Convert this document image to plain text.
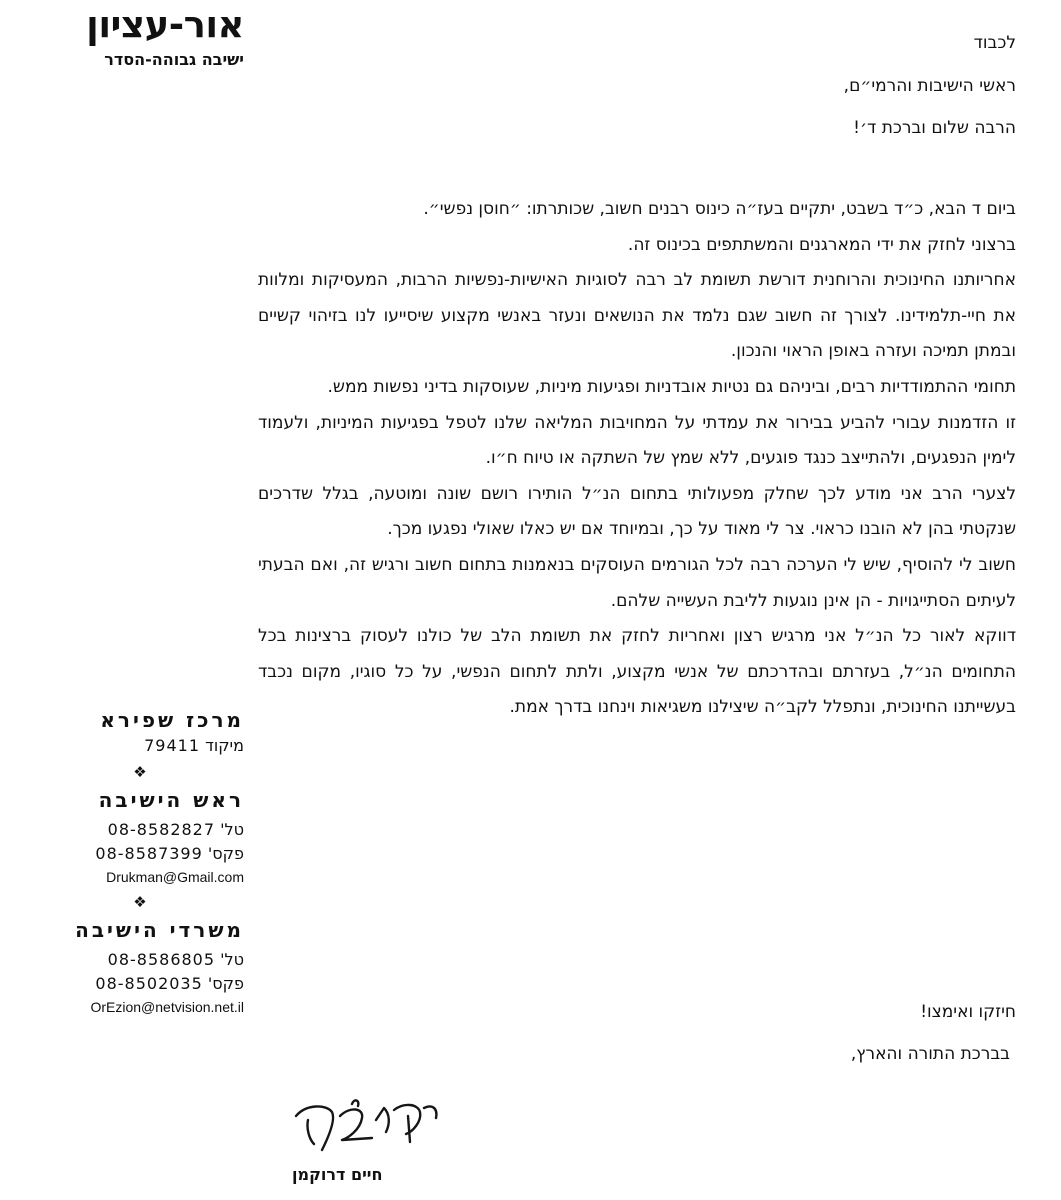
אור-עציון
ישיבה גבוהה-הסדר
מרכז שפירא
מיקוד 79411
❖
ראש הישיבה
טל' 08-8582827
פקס' 08-8587399
Drukman@Gmail.com
❖
משרדי הישיבה
טל' 08-8586805
פקס' 08-8502035
OrEzion@netvision.net.il
לכבוד
ראשי הישיבות והרמי״ם,
הרבה שלום וברכת ד׳!

ביום ד הבא, כ״ד בשבט, יתקיים בעז״ה כינוס רבנים חשוב, שכותרתו: ״חוסן נפשי״.

ברצוני לחזק את ידי המארגנים והמשתתפים בכינוס זה.

אחריותנו החינוכית והרוחנית דורשת תשומת לב רבה לסוגיות האישיות-נפשיות הרבות, המעסיקות ומלוות את חיי-תלמידינו. לצורך זה חשוב שגם נלמד את הנושאים ונעזר באנשי מקצוע שיסייעו לנו בזיהוי קשיים ובמתן תמיכה ועזרה באופן הראוי והנכון.

תחומי ההתמודדיות רבים, וביניהם גם נטיות אובדניות ופגיעות מיניות, שעוסקות בדיני נפשות ממש.

זו הזדמנות עבורי להביע בבירור את עמדתי על המחויבות המליאה שלנו לטפל בפגיעות המיניות, ולעמוד לימין הנפגעים, ולהתייצב כנגד פוגעים, ללא שמץ של השתקה או טיוח ח״ו.

לצערי הרב אני מודע לכך שחלק מפעולותי בתחום הנ״ל הותירו רושם שונה ומוטעה, בגלל שדרכים שנקטתי בהן לא הובנו כראוי. צר לי מאוד על כך, ובמיוחד אם יש כאלו שאולי נפגעו מכך.

חשוב לי להוסיף, שיש לי הערכה רבה לכל הגורמים העוסקים בנאמנות בתחום חשוב ורגיש זה, ואם הבעתי לעיתים הסתייגויות - הן אינן נוגעות לליבת העשייה שלהם.

דווקא לאור כל הנ״ל אני מרגיש רצון ואחריות לחזק את תשומת הלב של כולנו לעסוק ברצינות בכל התחומים הנ״ל, בעזרתם ובהדרכתם של אנשי מקצוע, ולתת לתחום הנפשי, על כל סוגיו, מקום נכבד בעשייתנו החינוכית, ונתפלל לקב״ה שיצילנו משגיאות וינחנו בדרך אמת.

חיזקו ואימצו!
בברכת התורה והארץ,
חיים דרוקמן
